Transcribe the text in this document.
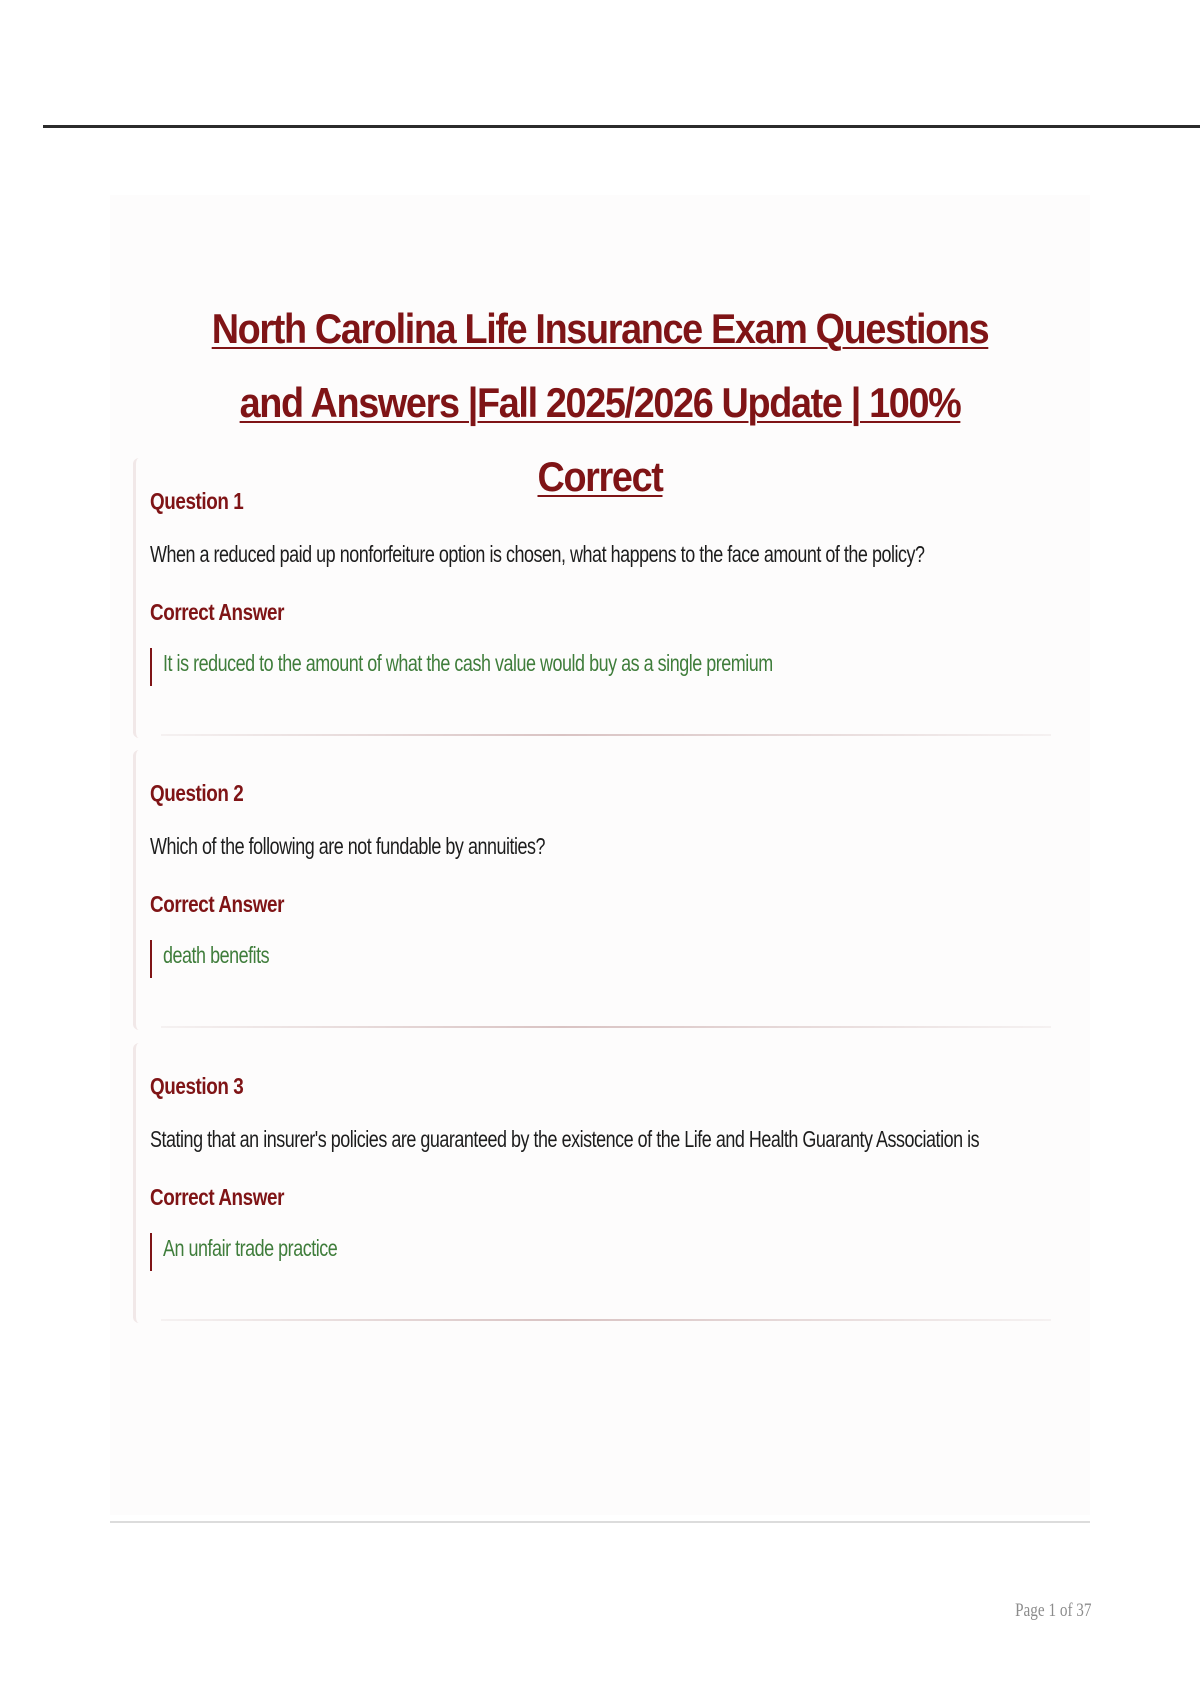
North Carolina Life Insurance Exam Questions and Answers |Fall 2025/2026 Update | 100% Correct

Question 1

When a reduced paid up nonforfeiture option is chosen, what happens to the face amount of the policy?

Correct Answer

It is reduced to the amount of what the cash value would buy as a single premium

Question 2

Which of the following are not fundable by annuities?

Correct Answer

death benefits

Question 3

Stating that an insurer's policies are guaranteed by the existence of the Life and Health Guaranty Association is

Correct Answer

An unfair trade practice

Page 1 of 37
